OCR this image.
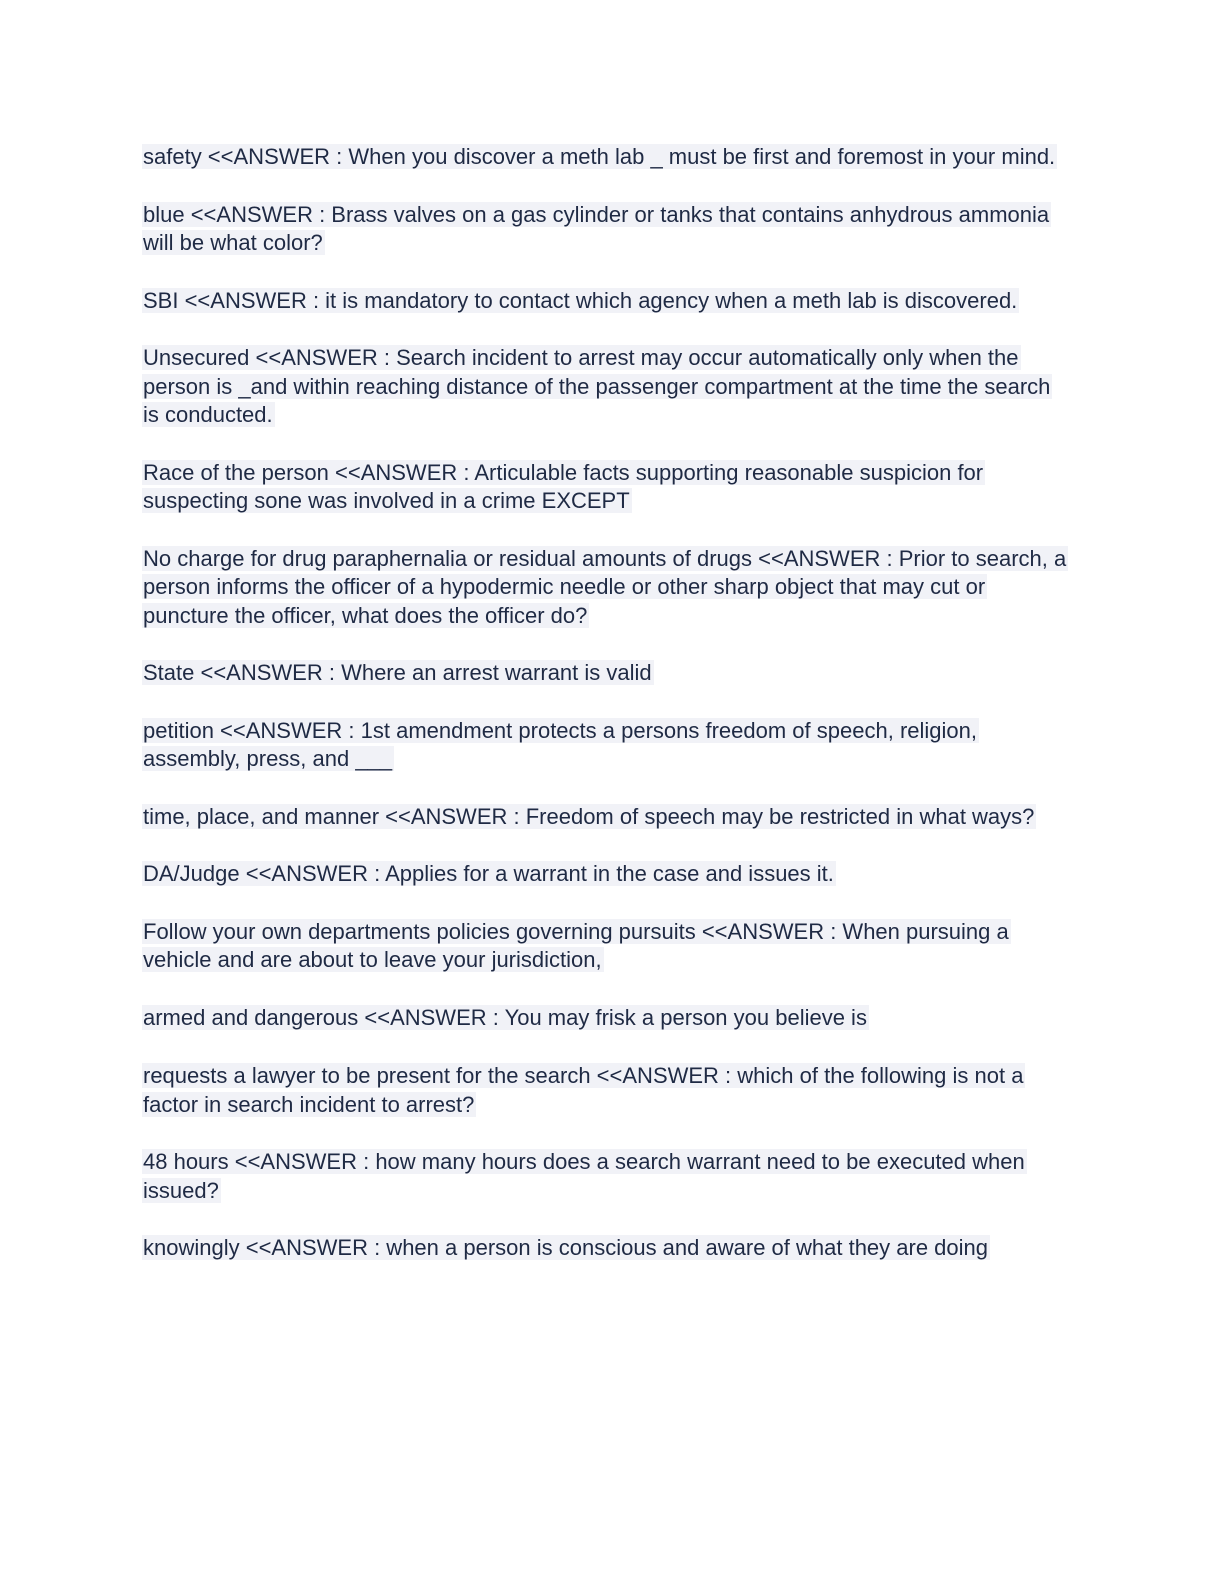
safety <<ANSWER : When you discover a meth lab _ must be first and foremost in your mind.

blue <<ANSWER : Brass valves on a gas cylinder or tanks that contains anhydrous ammonia will be what color?

SBI <<ANSWER : it is mandatory to contact which agency when a meth lab is discovered.

Unsecured <<ANSWER : Search incident to arrest may occur automatically only when the person is _and within reaching distance of the passenger compartment at the time the search is conducted.

Race of the person <<ANSWER : Articulable facts supporting reasonable suspicion for suspecting sone was involved in a crime EXCEPT

No charge for drug paraphernalia or residual amounts of drugs <<ANSWER : Prior to search, a person informs the officer of a hypodermic needle or other sharp object that may cut or puncture the officer, what does the officer do?

State <<ANSWER : Where an arrest warrant is valid

petition <<ANSWER : 1st amendment protects a persons freedom of speech, religion, assembly, press, and ___

time, place, and manner <<ANSWER : Freedom of speech may be restricted in what ways?

DA/Judge <<ANSWER : Applies for a warrant in the case and issues it.

Follow your own departments policies governing pursuits <<ANSWER : When pursuing a vehicle and are about to leave your jurisdiction,

armed and dangerous <<ANSWER : You may frisk a person you believe is

requests a lawyer to be present for the search <<ANSWER : which of the following is not a factor in search incident to arrest?

48 hours <<ANSWER : how many hours does a search warrant need to be executed when issued?

knowingly <<ANSWER : when a person is conscious and aware of what they are doing
